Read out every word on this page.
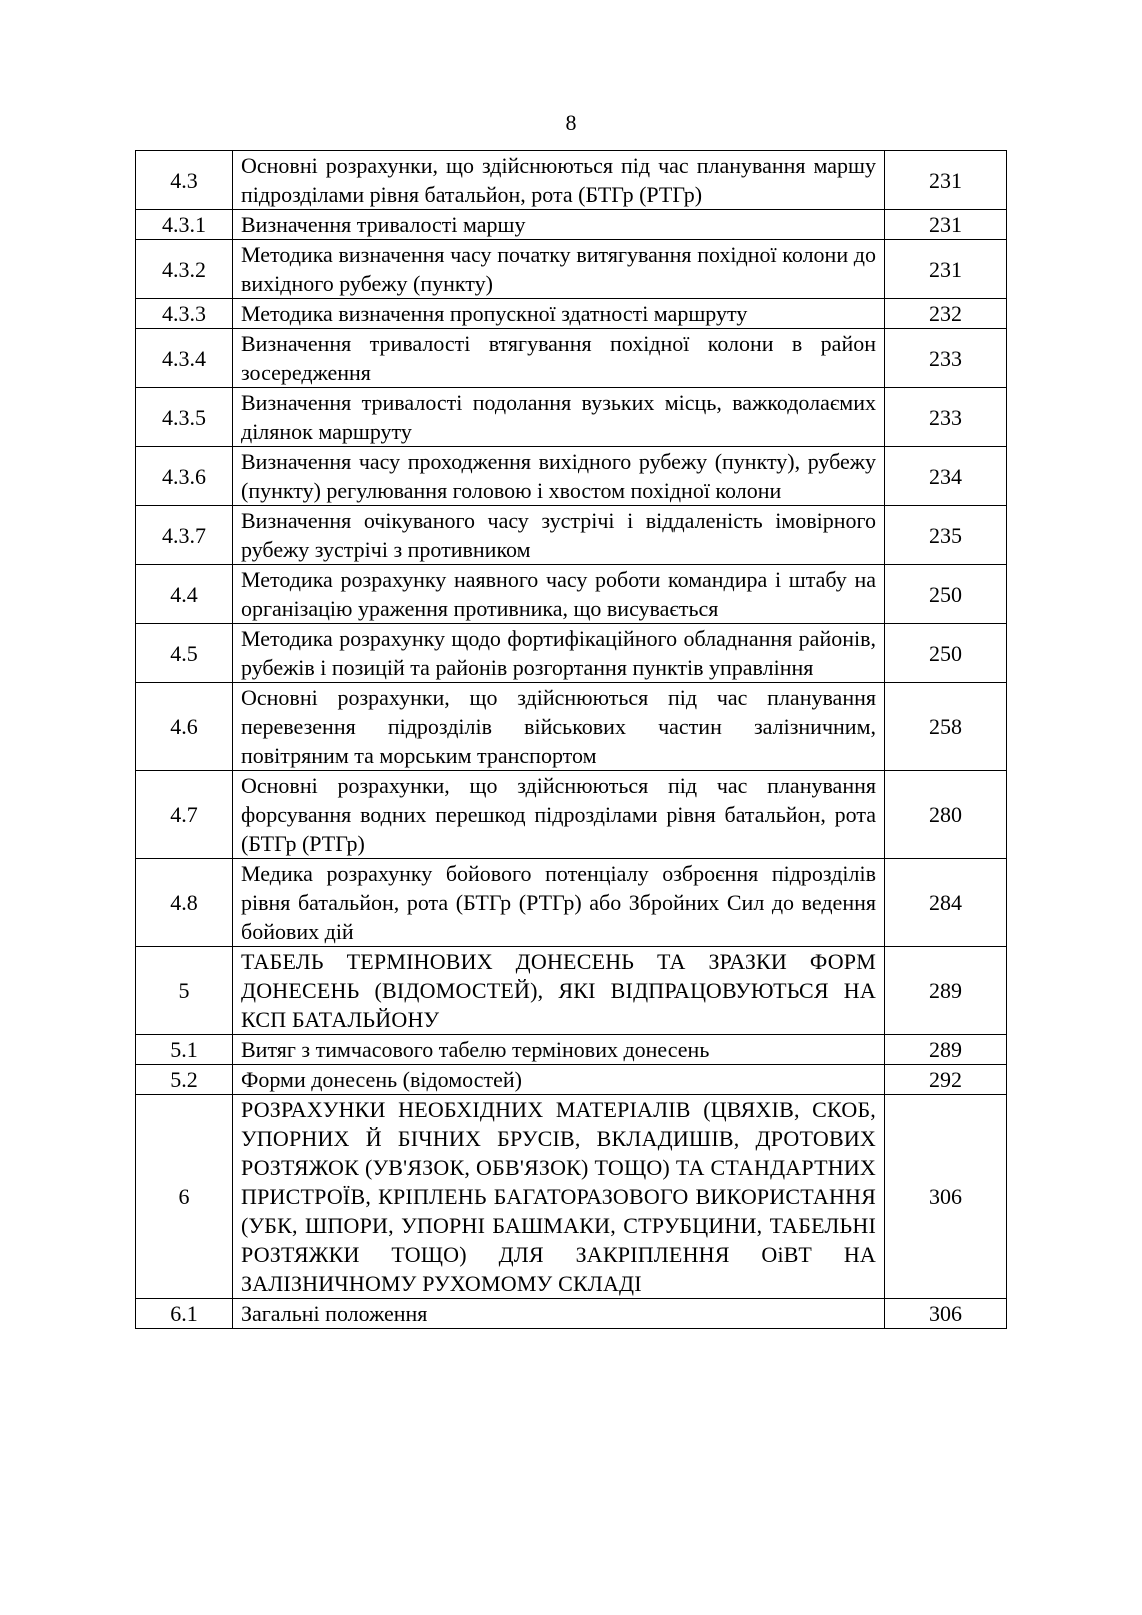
8
4.3	Основні розрахунки, що здійснюються під час планування маршу підрозділами рівня батальйон, рота (БТГр (РТГр)	231
4.3.1	Визначення тривалості маршу	231
4.3.2	Методика визначення часу початку витягування похідної колони до вихідного рубежу (пункту)	231
4.3.3	Методика визначення пропускної здатності маршруту	232
4.3.4	Визначення тривалості втягування похідної колони в район зосередження	233
4.3.5	Визначення тривалості подолання вузьких місць, важкодолаємих ділянок маршруту	233
4.3.6	Визначення часу проходження вихідного рубежу (пункту), рубежу (пункту) регулювання головою і хвостом похідної колони	234
4.3.7	Визначення очікуваного часу зустрічі і віддаленість імовірного рубежу зустрічі з противником	235
4.4	Методика розрахунку наявного часу роботи командира і штабу на організацію ураження противника, що висувається	250
4.5	Методика розрахунку щодо фортифікаційного обладнання районів, рубежів і позицій та районів розгортання пунктів управління	250
4.6	Основні розрахунки, що здійснюються під час планування перевезення підрозділів військових частин залізничним, повітряним та морським транспортом	258
4.7	Основні розрахунки, що здійснюються під час планування форсування водних перешкод підрозділами рівня батальйон, рота (БТГр (РТГр)	280
4.8	Медика розрахунку бойового потенціалу озброєння підрозділів рівня батальйон, рота (БТГр (РТГр) або Збройних Сил до ведення бойових дій	284
5	ТАБЕЛЬ ТЕРМІНОВИХ ДОНЕСЕНЬ ТА ЗРАЗКИ ФОРМ ДОНЕСЕНЬ (ВІДОМОСТЕЙ), ЯКІ ВІДПРАЦОВУЮТЬСЯ НА КСП БАТАЛЬЙОНУ	289
5.1	Витяг з тимчасового табелю термінових донесень	289
5.2	Форми донесень (відомостей)	292
6	РОЗРАХУНКИ НЕОБХІДНИХ МАТЕРІАЛІВ (ЦВЯХІВ, СКОБ, УПОРНИХ Й БІЧНИХ БРУСІВ, ВКЛАДИШІВ, ДРОТОВИХ РОЗТЯЖОК (УВ'ЯЗОК, ОБВ'ЯЗОК) ТОЩО) ТА СТАНДАРТНИХ ПРИСТРОЇВ, КРІПЛЕНЬ БАГАТОРАЗОВОГО ВИКОРИСТАННЯ (УБК, ШПОРИ, УПОРНІ БАШМАКИ, СТРУБЦИНИ, ТАБЕЛЬНІ РОЗТЯЖКИ ТОЩО) ДЛЯ ЗАКРІПЛЕННЯ ОіВТ НА ЗАЛІЗНИЧНОМУ РУХОМОМУ СКЛАДІ	306
6.1	Загальні положення	306
